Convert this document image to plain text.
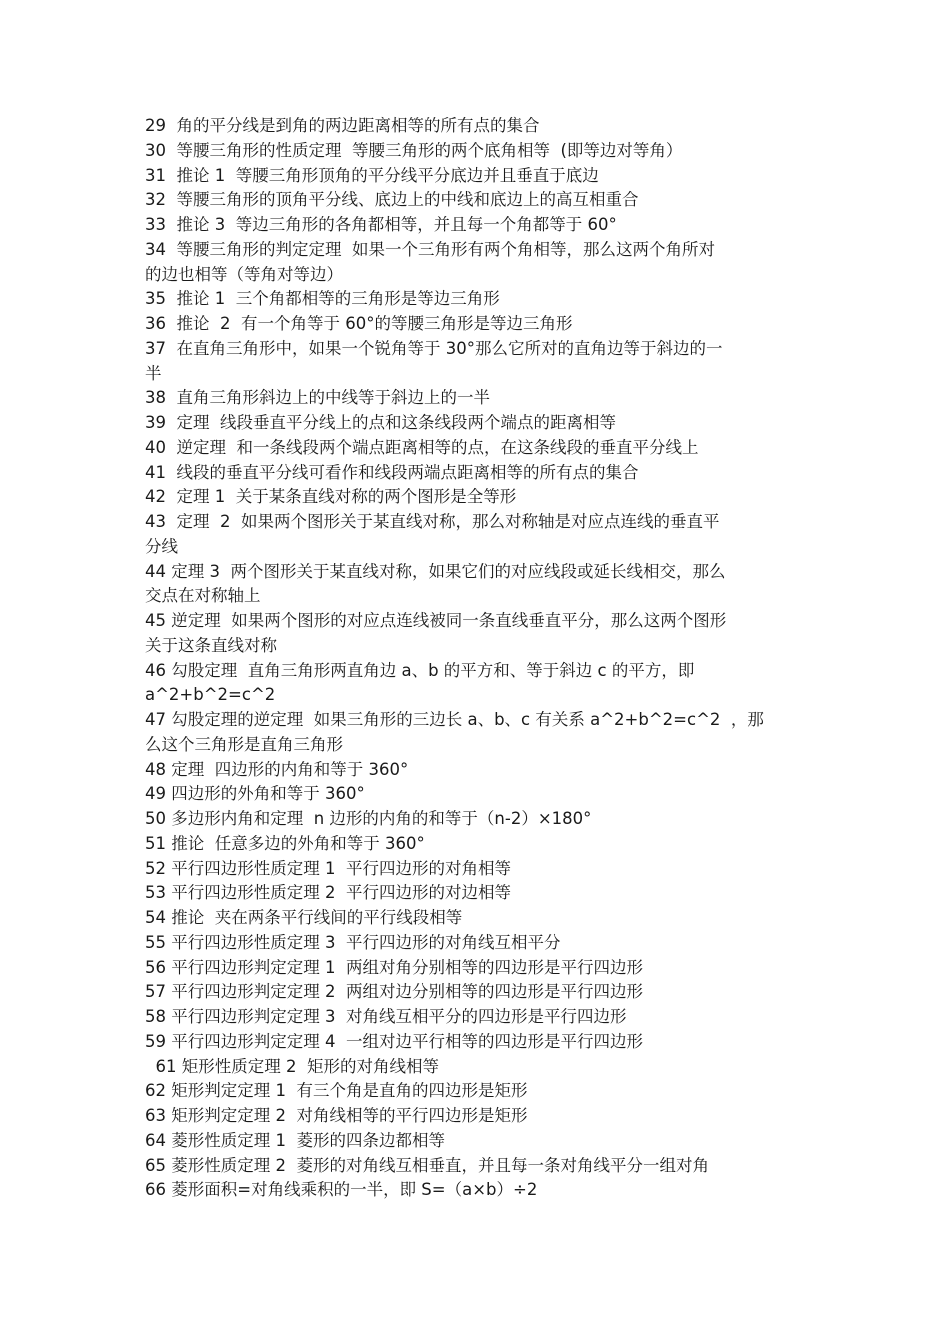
29  角的平分线是到角的两边距离相等的所有点的集合
30  等腰三角形的性质定理  等腰三角形的两个底角相等  (即等边对等角）
31  推论 1  等腰三角形顶角的平分线平分底边并且垂直于底边
32  等腰三角形的顶角平分线、底边上的中线和底边上的高互相重合
33  推论 3  等边三角形的各角都相等，并且每一个角都等于 60°
34  等腰三角形的判定定理  如果一个三角形有两个角相等，那么这两个角所对
的边也相等（等角对等边）
35  推论 1  三个角都相等的三角形是等边三角形
36  推论  2  有一个角等于 60°的等腰三角形是等边三角形
37  在直角三角形中，如果一个锐角等于 30°那么它所对的直角边等于斜边的一
半
38  直角三角形斜边上的中线等于斜边上的一半
39  定理  线段垂直平分线上的点和这条线段两个端点的距离相等
40  逆定理  和一条线段两个端点距离相等的点，在这条线段的垂直平分线上
41  线段的垂直平分线可看作和线段两端点距离相等的所有点的集合
42  定理 1  关于某条直线对称的两个图形是全等形
43  定理  2  如果两个图形关于某直线对称，那么对称轴是对应点连线的垂直平
分线
44 定理 3  两个图形关于某直线对称，如果它们的对应线段或延长线相交，那么
交点在对称轴上
45 逆定理  如果两个图形的对应点连线被同一条直线垂直平分，那么这两个图形
关于这条直线对称
46 勾股定理  直角三角形两直角边 a、b 的平方和、等于斜边 c 的平方，即
a^2+b^2=c^2
47 勾股定理的逆定理  如果三角形的三边长 a、b、c 有关系 a^2+b^2=c^2  ，那
么这个三角形是直角三角形
48 定理  四边形的内角和等于 360°
49 四边形的外角和等于 360°
50 多边形内角和定理  n 边形的内角的和等于（n-2）×180°
51 推论  任意多边的外角和等于 360°
52 平行四边形性质定理 1  平行四边形的对角相等
53 平行四边形性质定理 2  平行四边形的对边相等
54 推论  夹在两条平行线间的平行线段相等
55 平行四边形性质定理 3  平行四边形的对角线互相平分
56 平行四边形判定定理 1  两组对角分别相等的四边形是平行四边形
57 平行四边形判定定理 2  两组对边分别相等的四边形是平行四边形
58 平行四边形判定定理 3  对角线互相平分的四边形是平行四边形
59 平行四边形判定定理 4  一组对边平行相等的四边形是平行四边形
61 矩形性质定理 2  矩形的对角线相等
62 矩形判定定理 1  有三个角是直角的四边形是矩形
63 矩形判定定理 2  对角线相等的平行四边形是矩形
64 菱形性质定理 1  菱形的四条边都相等
65 菱形性质定理 2  菱形的对角线互相垂直，并且每一条对角线平分一组对角
66 菱形面积=对角线乘积的一半，即 S=（a×b）÷2
